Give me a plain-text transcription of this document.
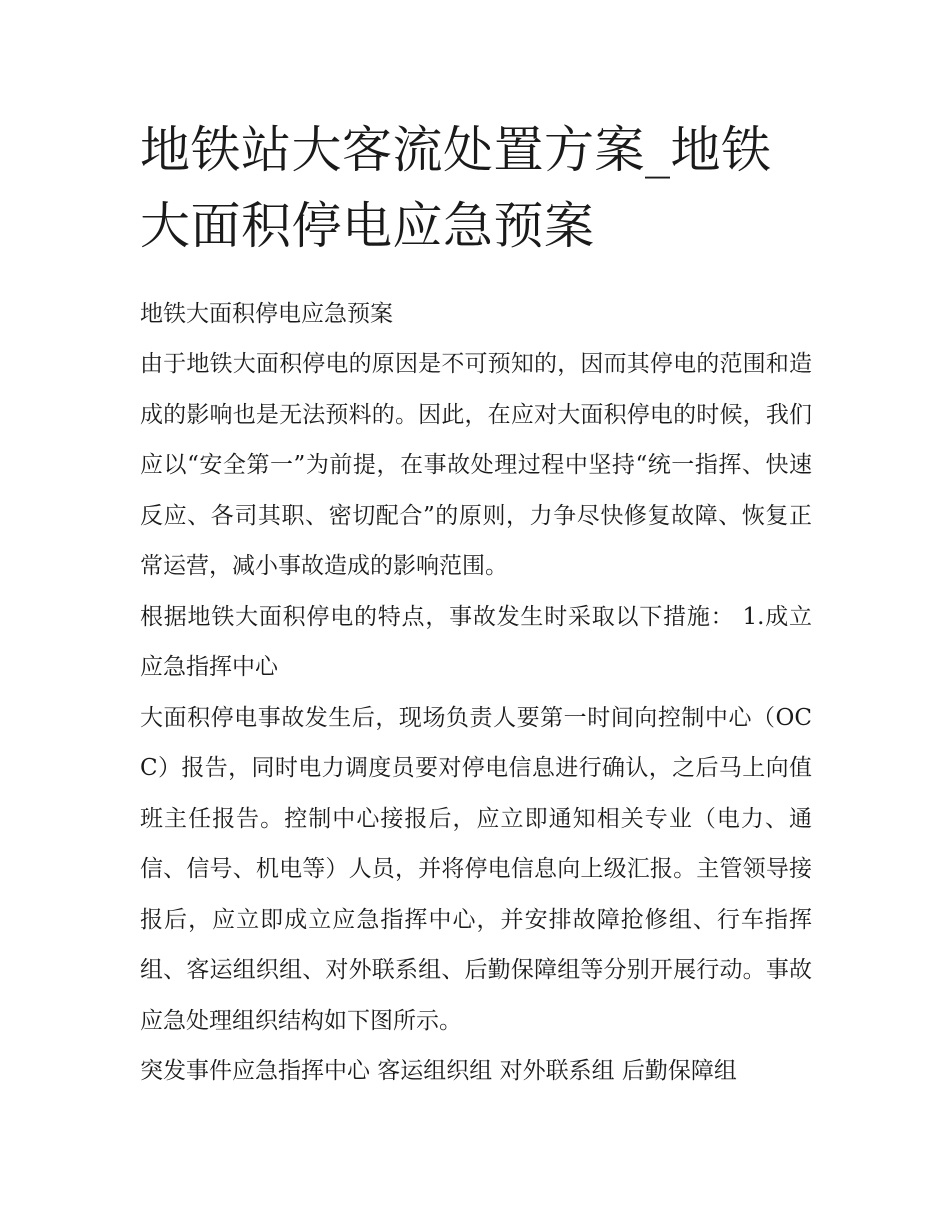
地铁站大客流处置方案_地铁大面积停电应急预案

地铁大面积停电应急预案

由于地铁大面积停电的原因是不可预知的，因而其停电的范围和造成的影响也是无法预料的。因此，在应对大面积停电的时候，我们应以“安全第一”为前提，在事故处理过程中坚持“统一指挥、快速反应、各司其职、密切配合”的原则，力争尽快修复故障、恢复正常运营，减小事故造成的影响范围。

根据地铁大面积停电的特点，事故发生时采取以下措施： 1.成立应急指挥中心

大面积停电事故发生后，现场负责人要第一时间向控制中心（OCC）报告，同时电力调度员要对停电信息进行确认，之后马上向值班主任报告。控制中心接报后，应立即通知相关专业（电力、通信、信号、机电等）人员，并将停电信息向上级汇报。主管领导接报后，应立即成立应急指挥中心，并安排故障抢修组、行车指挥组、客运组织组、对外联系组、后勤保障组等分别开展行动。事故应急处理组织结构如下图所示。

突发事件应急指挥中心 客运组织组 对外联系组 后勤保障组
